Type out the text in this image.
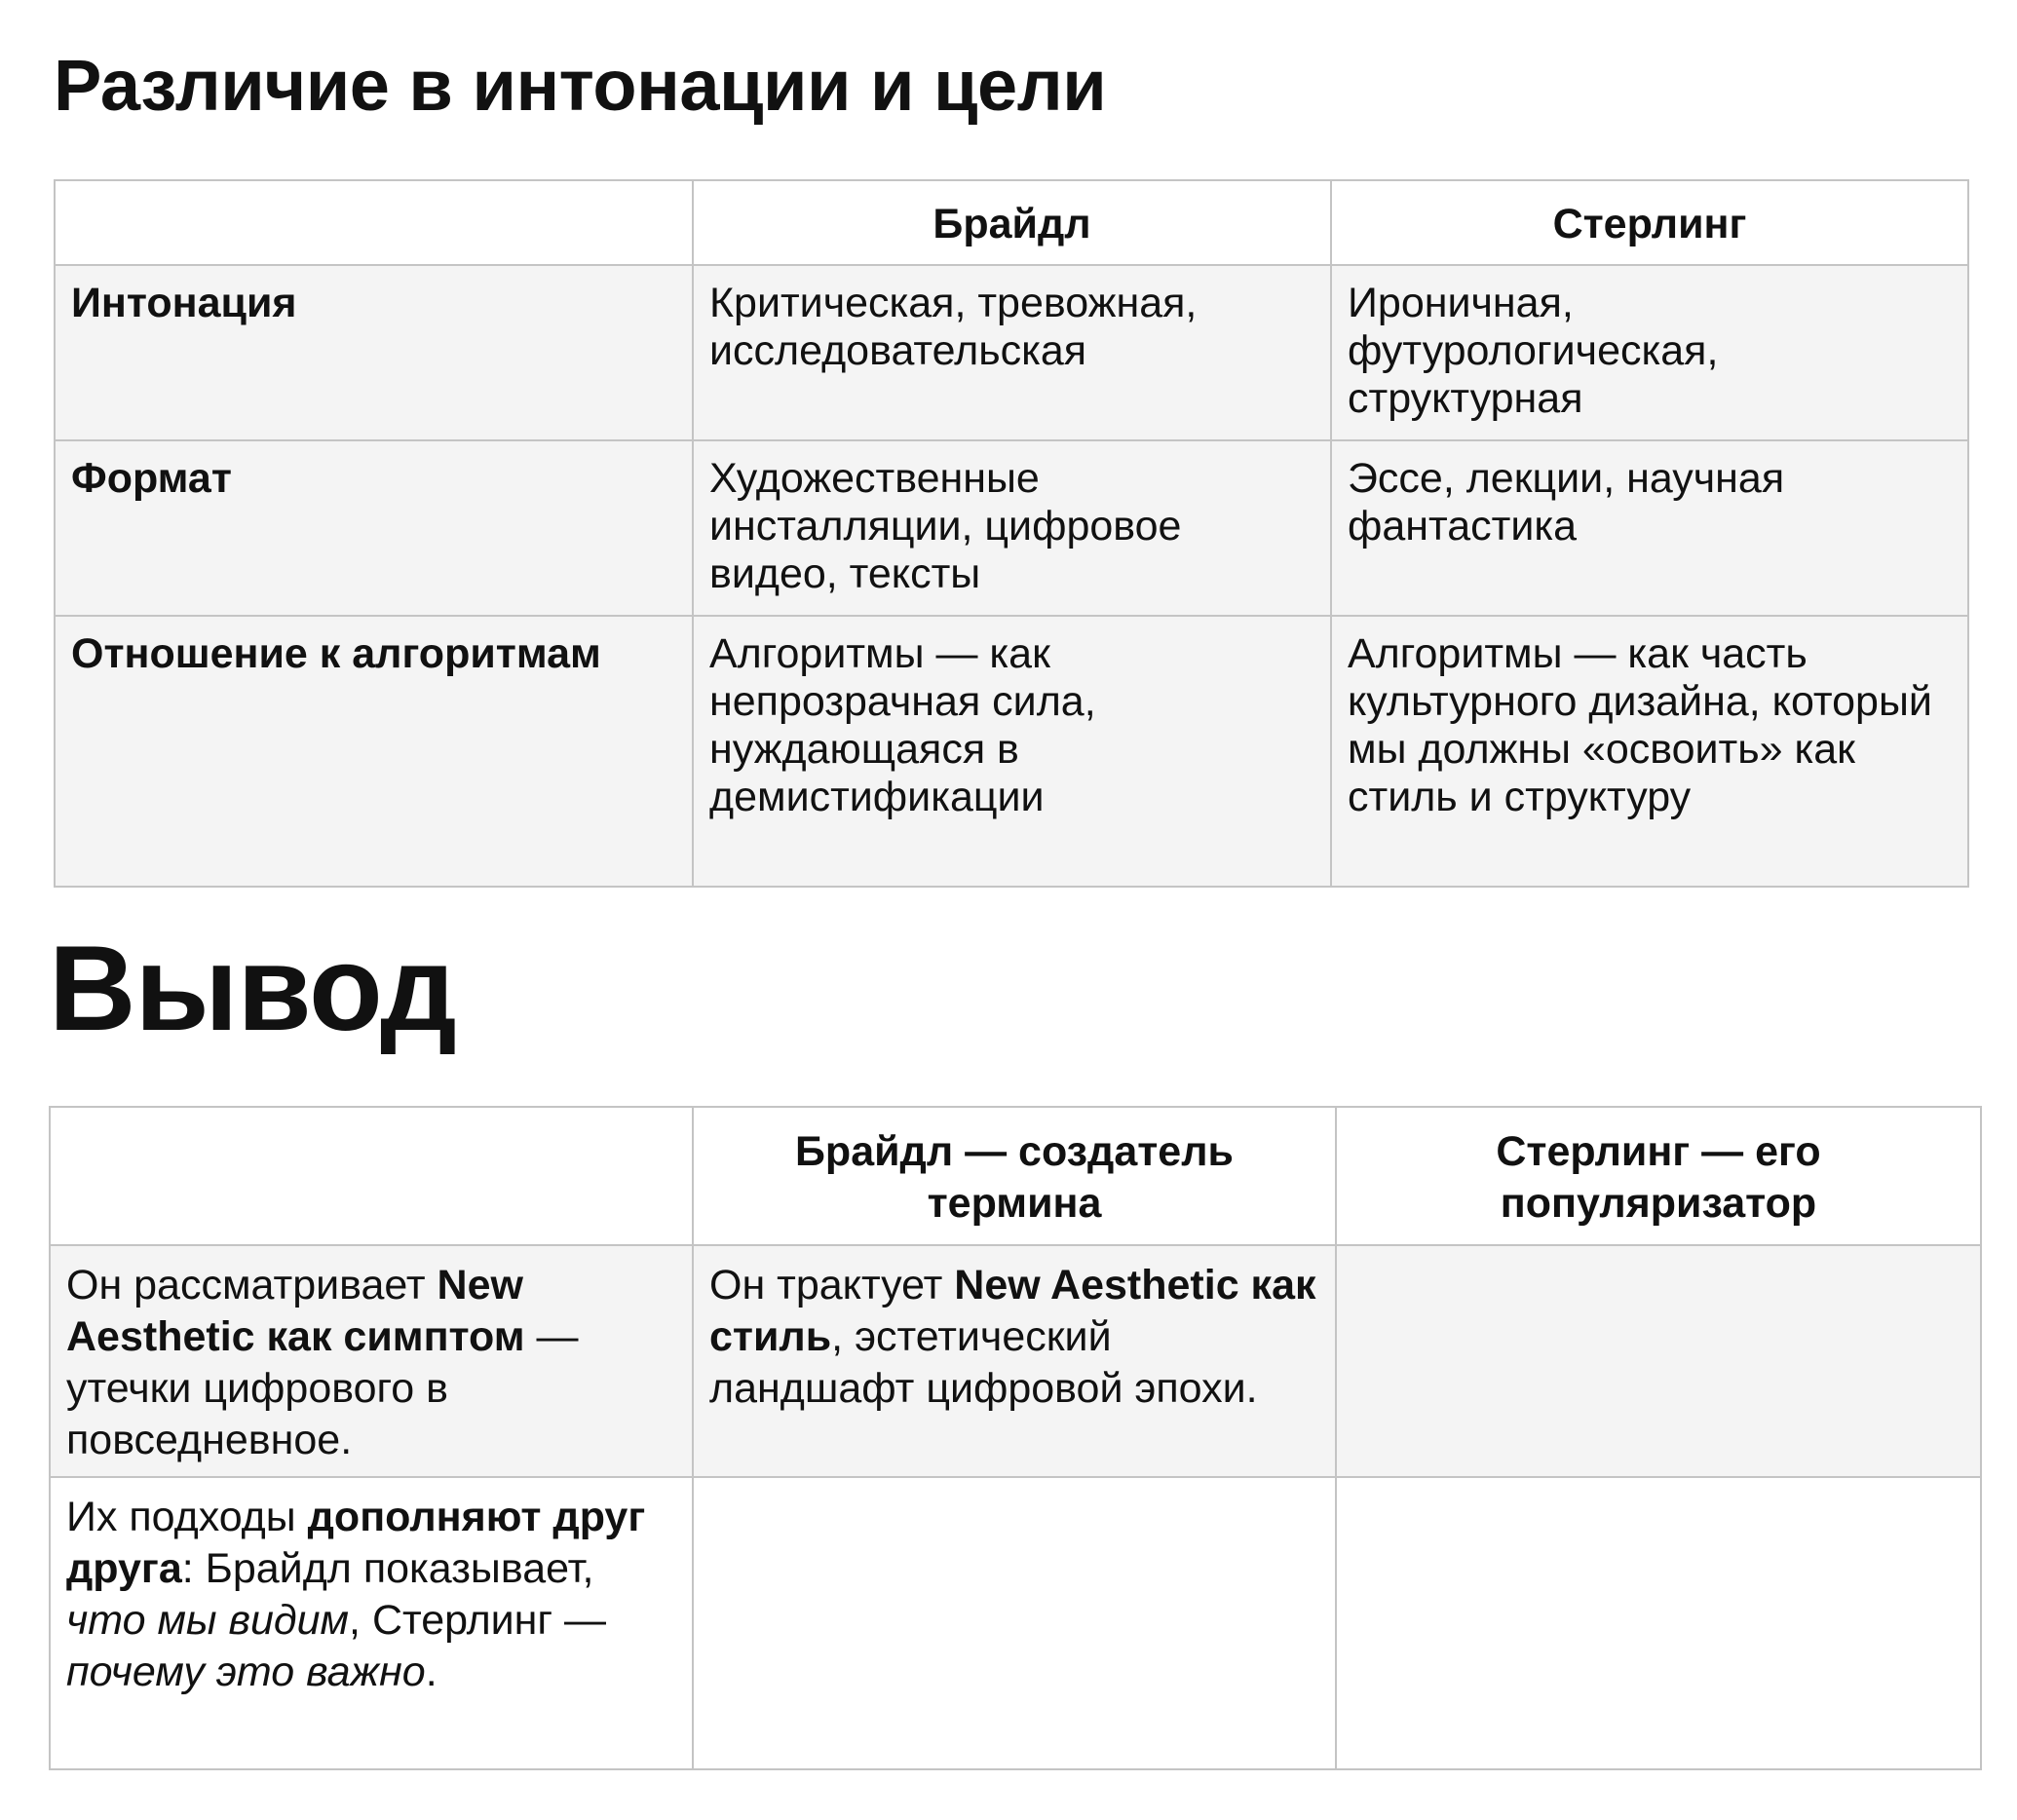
Различие в интонации и цели
	Брайдл	Стерлинг
Интонация	Критическая, тревожная, исследовательская	Ироничная, футурологическая, структурная
Формат	Художественные инсталляции, цифровое видео, тексты	Эссе, лекции, научная фантастика
Отношение к алгоритмам	Алгоритмы — как непрозрачная сила, нуждающаяся в демистификации	Алгоритмы — как часть культурного дизайна, который мы должны «освоить» как стиль и структуру
Вывод
	Брайдл — создатель термина	Стерлинг — его популяризатор
Он рассматривает New Aesthetic как симптом — утечки цифрового в повседневное.	Он трактует New Aesthetic как стиль, эстетический ландшафт цифровой эпохи.	
Их подходы дополняют друг друга: Брайдл показывает, что мы видим, Стерлинг — почему это важно.		
